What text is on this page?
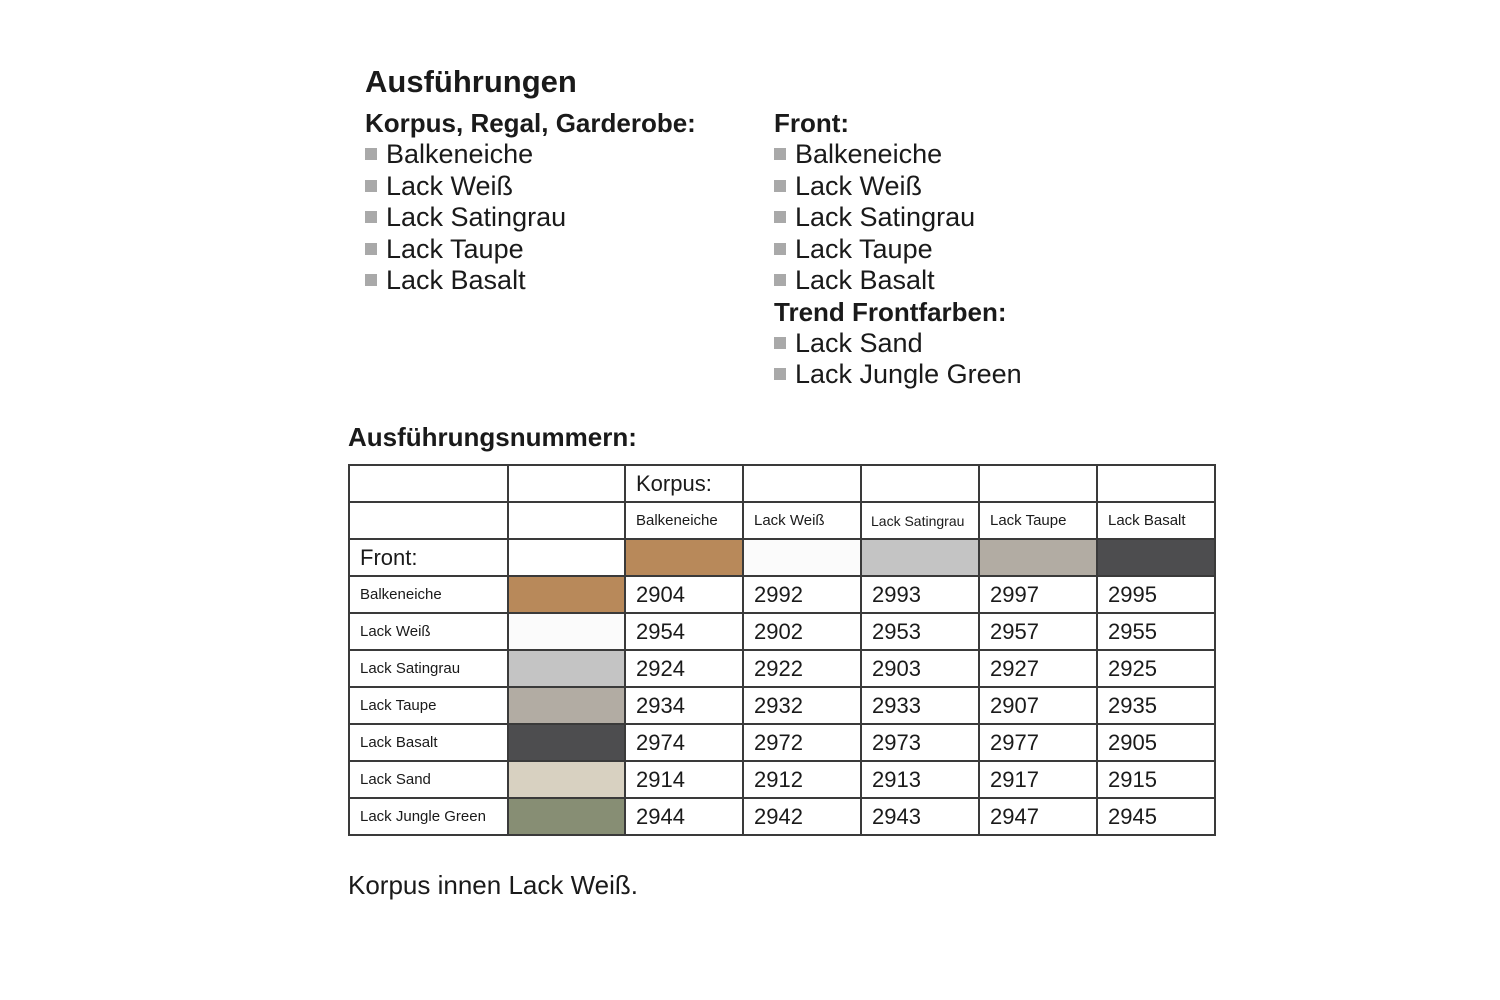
Ausführungen
Korpus, Regal, Garderobe:
Balkeneiche
Lack Weiß
Lack Satingrau
Lack Taupe
Lack Basalt
Front:
Balkeneiche
Lack Weiß
Lack Satingrau
Lack Taupe
Lack Basalt
Trend Frontfarben:
Lack Sand
Lack Jungle Green
Ausführungsnummern:
		Korpus:				
		Balkeneiche	Lack Weiß	Lack Satingrau	Lack Taupe	Lack Basalt
Front:						
Balkeneiche		2904	2992	2993	2997	2995
Lack Weiß		2954	2902	2953	2957	2955
Lack Satingrau		2924	2922	2903	2927	2925
Lack Taupe		2934	2932	2933	2907	2935
Lack Basalt		2974	2972	2973	2977	2905
Lack Sand		2914	2912	2913	2917	2915
Lack Jungle Green		2944	2942	2943	2947	2945
Korpus innen Lack Weiß.
